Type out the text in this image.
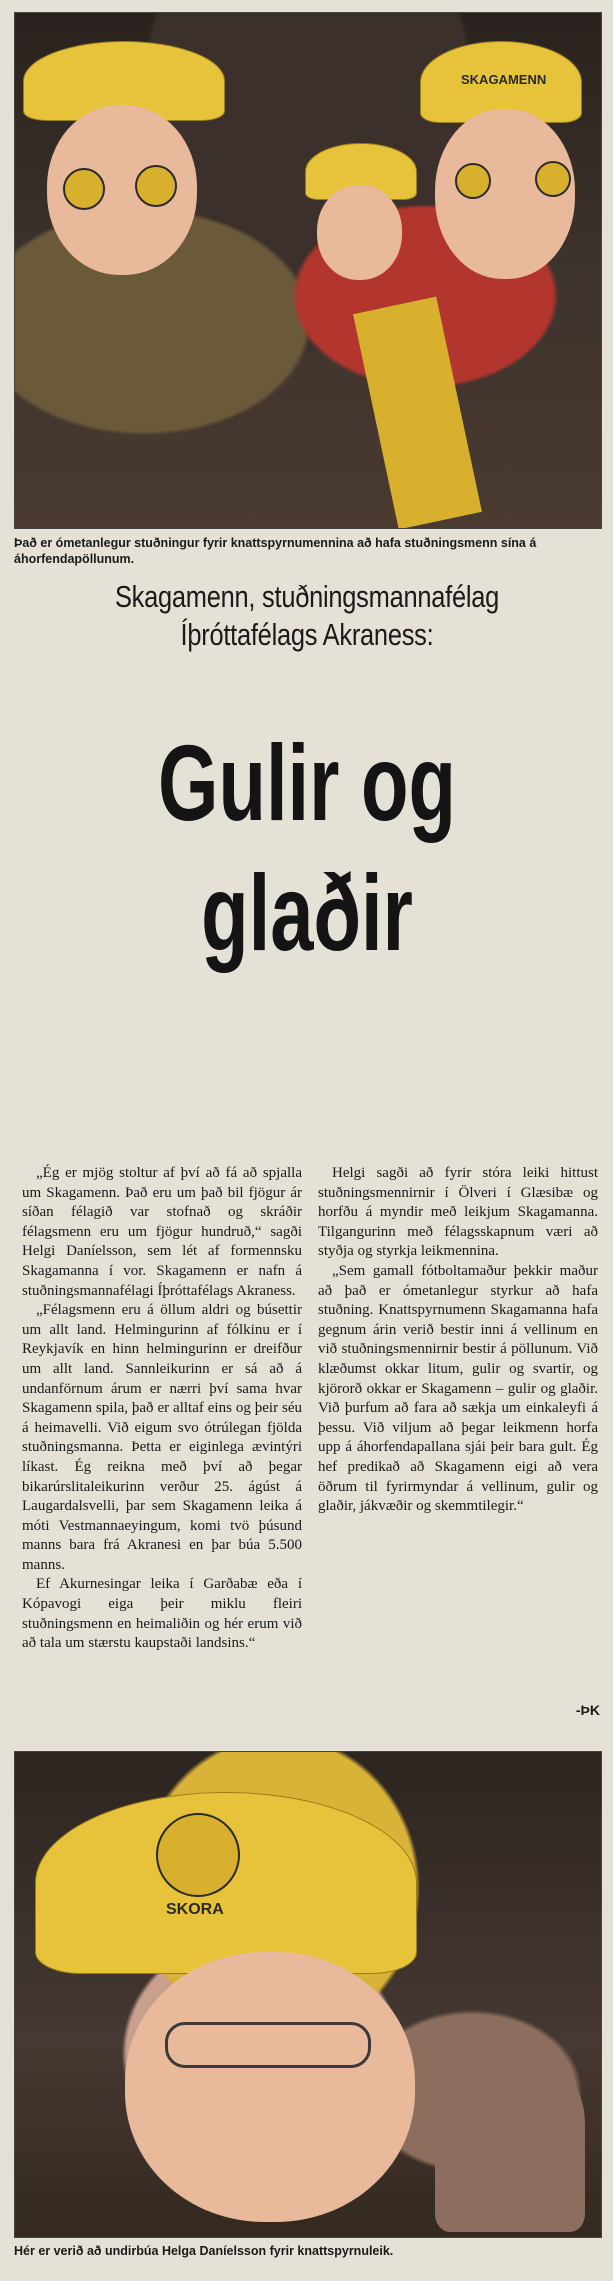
SKAGAMENN
Það er ómetanlegur stuðningur fyrir knattspyrnumennina að hafa stuðningsmenn sína á áhorfendapöllunum.
Skagamenn, stuðningsmannafélag Íþróttafélags Akraness:
Gulir og glaðir

„Ég er mjög stoltur af því að fá að spjalla um Skagamenn. Það eru um það bil fjögur ár síðan félagið var stofnað og skráðir félagsmenn eru um fjögur hundruð,“ sagði Helgi Daníelsson, sem lét af formennsku Skagamanna í vor. Skagamenn er nafn á stuðningsmannafélagi Íþróttafélags Akraness.

„Félagsmenn eru á öllum aldri og búsettir um allt land. Helmingurinn af fólkinu er í Reykjavík en hinn helmingurinn er dreifður um allt land. Sannleikurinn er sá að á undanförnum árum er nærri því sama hvar Skagamenn spila, það er alltaf eins og þeir séu á heimavelli. Við eigum svo ótrúlegan fjölda stuðningsmanna. Þetta er eiginlega ævintýri líkast. Ég reikna með því að þegar bikarúrslitaleikurinn verður 25. ágúst á Laugardalsvelli, þar sem Skagamenn leika á móti Vestmannaeyingum, komi tvö þúsund manns bara frá Akranesi en þar búa 5.500 manns.

Ef Akurnesingar leika í Garðabæ eða í Kópavogi eiga þeir miklu fleiri stuðningsmenn en heimaliðin og hér erum við að tala um stærstu kaupstaði landsins.“

Helgi sagði að fyrir stóra leiki hittust stuðningsmennirnir í Ölveri í Glæsibæ og horfðu á myndir með leikjum Skagamanna. Tilgangurinn með félagsskapnum væri að styðja og styrkja leikmennina.

„Sem gamall fótboltamaður þekkir maður að það er ómetanlegur styrkur að hafa stuðning. Knattspyrnumenn Skagamanna hafa gegnum árin verið bestir inni á vellinum en við stuðningsmennirnir bestir á pöllunum. Við klæðumst okkar litum, gulir og svartir, og kjörorð okkar er Skagamenn – gulir og glaðir. Við þurfum að fara að sækja um einkaleyfi á þessu. Við viljum að þegar leikmenn horfa upp á áhorfendapallana sjái þeir bara gult. Ég hef predikað að Skagamenn eigi að vera öðrum til fyrirmyndar á vellinum, gulir og glaðir, jákvæðir og skemmtilegir.“

-ÞK
SKORA
Hér er verið að undirbúa Helga Daníelsson fyrir knattspyrnuleik.
